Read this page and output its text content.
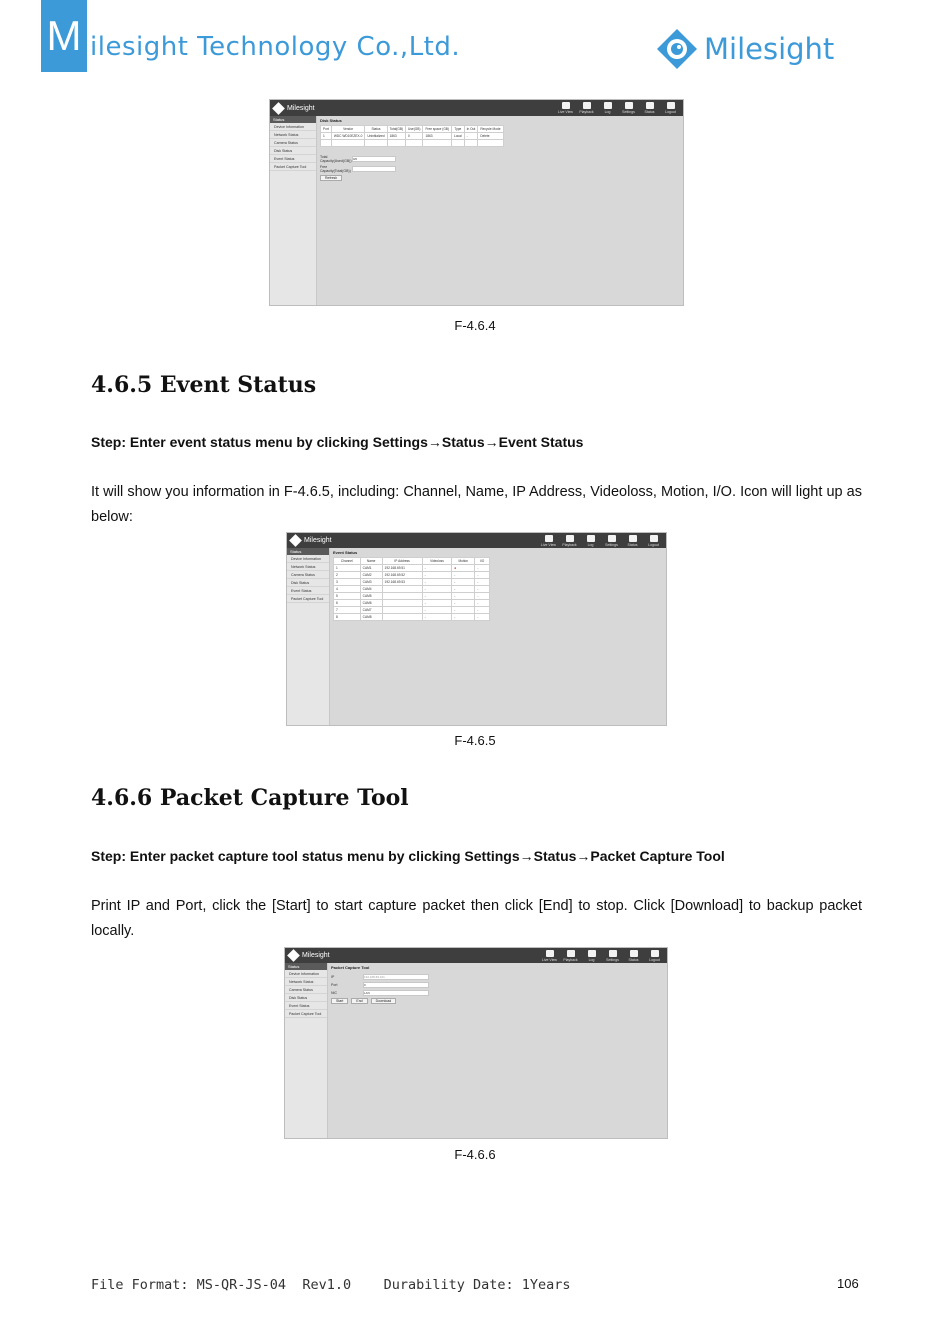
M ilesight Technology Co.,Ltd.	Milesight
Milesight
Live View Playback	Log	Settings	Status	Logout
Status
Device Information
Network Status
Camera Status
Disk Status
Event Status
Packet Capture Tool
Disk Status
Port	Vendor	Status	Total(GB)	Use(GB)	Free space (GB)	Type	In Out	Recycle Mode
1	WDC WD10EZEX-0	Uninitialized	1863	0	1863	Local	-	Delete

Total Capacity(Used(GB)) 0/0
Free Capacity(Total(GB))
Refresh
F-4.6.4
4.6.5 Event Status
Step: Enter event status menu by clicking Settings→Status→Event Status
It will show you information in F-4.6.5, including: Channel, Name, IP Address, Videoloss, Motion, I/O. Icon will light up as below:
Milesight
Live View Playback	Log	Settings	Status	Logout
Status
Device Information
Network Status
Camera Status
Disk Status
Event Status
Packet Capture Tool
Event Status
Channel	Name	IP Address	Videoloss	Motion	I/O
1	CAM1	192.168.69.51	-	●	-
2	CAM2	192.168.69.52	-	-	-
3	CAM3	192.168.69.53	-	-	-
4	CAM4		-	-	-
5	CAM5		-	-	-
6	CAM6		-	-	-
7	CAM7		-	-	-
8	CAM8		-	-	-
F-4.6.5
4.6.6 Packet Capture Tool
Step: Enter packet capture tool status menu by clicking Settings→Status→Packet Capture Tool
Print IP and Port, click the [Start] to start capture packet then click [End] to stop. Click [Download] to backup packet locally.
Milesight
Live View Playback	Log	Settings	Status	Logout
Status
Device Information
Network Status
Camera Status
Disk Status
Event Status
Packet Capture Tool
Packet Capture Tool
IP	192.168.69.101
Port	0
NIC	LAN
Start	End	Download
F-4.6.6
File Format: MS-QR-JS-04  Rev1.0    Durability Date: 1Years	106
